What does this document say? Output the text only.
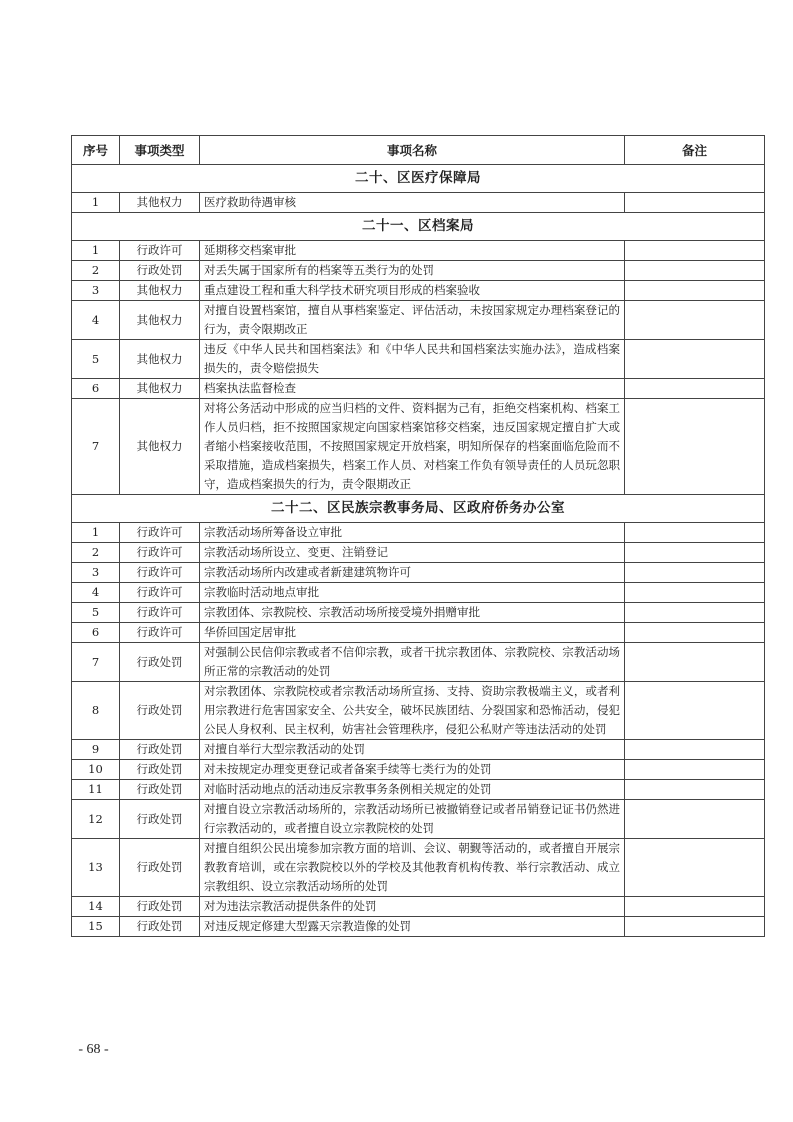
序号	事项类型	事项名称	备注
二十、区医疗保障局			
1	其他权力	医疗救助待遇审核	
二十一、区档案局			
1	行政许可	延期移交档案审批	
2	行政处罚	对丢失属于国家所有的档案等五类行为的处罚	
3	其他权力	重点建设工程和重大科学技术研究项目形成的档案验收	
4	其他权力	对擅自设置档案馆，擅自从事档案鉴定、评估活动，未按国家规定办理档案登记的行为，责令限期改正	
5	其他权力	违反《中华人民共和国档案法》和《中华人民共和国档案法实施办法》，造成档案损失的，责令赔偿损失	
6	其他权力	档案执法监督检查	
7	其他权力	对将公务活动中形成的应当归档的文件、资料据为己有，拒绝交档案机构、档案工作人员归档，拒不按照国家规定向国家档案馆移交档案，违反国家规定擅自扩大或者缩小档案接收范围，不按照国家规定开放档案，明知所保存的档案面临危险而不采取措施，造成档案损失，档案工作人员、对档案工作负有领导责任的人员玩忽职守，造成档案损失的行为，责令限期改正	
二十二、区民族宗教事务局、区政府侨务办公室			
1	行政许可	宗教活动场所筹备设立审批	
2	行政许可	宗教活动场所设立、变更、注销登记	
3	行政许可	宗教活动场所内改建或者新建建筑物许可	
4	行政许可	宗教临时活动地点审批	
5	行政许可	宗教团体、宗教院校、宗教活动场所接受境外捐赠审批	
6	行政许可	华侨回国定居审批	
7	行政处罚	对强制公民信仰宗教或者不信仰宗教，或者干扰宗教团体、宗教院校、宗教活动场所正常的宗教活动的处罚	
8	行政处罚	对宗教团体、宗教院校或者宗教活动场所宣扬、支持、资助宗教极端主义，或者利用宗教进行危害国家安全、公共安全，破坏民族团结、分裂国家和恐怖活动，侵犯公民人身权利、民主权利，妨害社会管理秩序，侵犯公私财产等违法活动的处罚	
9	行政处罚	对擅自举行大型宗教活动的处罚	
10	行政处罚	对未按规定办理变更登记或者备案手续等七类行为的处罚	
11	行政处罚	对临时活动地点的活动违反宗教事务条例相关规定的处罚	
12	行政处罚	对擅自设立宗教活动场所的，宗教活动场所已被撤销登记或者吊销登记证书仍然进行宗教活动的，或者擅自设立宗教院校的处罚	
13	行政处罚	对擅自组织公民出境参加宗教方面的培训、会议、朝觐等活动的，或者擅自开展宗教教育培训，或在宗教院校以外的学校及其他教育机构传教、举行宗教活动、成立宗教组织、设立宗教活动场所的处罚	
14	行政处罚	对为违法宗教活动提供条件的处罚	
15	行政处罚	对违反规定修建大型露天宗教造像的处罚	
- 68 -
